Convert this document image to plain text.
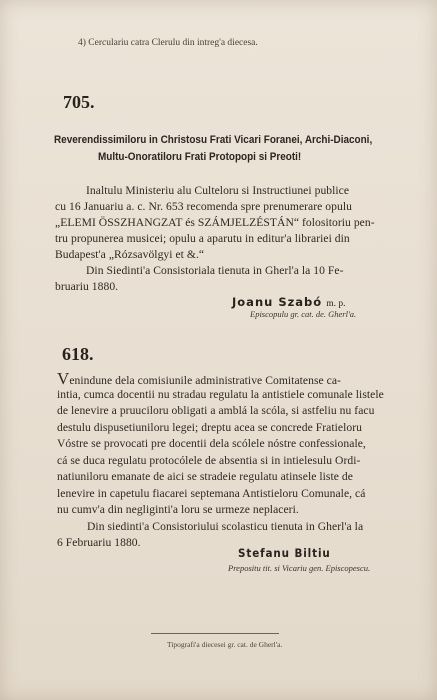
4) Cerculariu catra Clerulu din intreg'a diecesa.
705.
Reverendissimiloru in Christosu Frati Vicari Foranei, Archi-Diaconi,
Multu-Onoratiloru Frati Protopopi si Preoti!
Inaltulu Ministeriu alu Culteloru si Instructiunei publice
cu 16 Januariu a. c. Nr. 653 recomenda spre prenumerare opulu
„ELEMI ÖSSZHANGZAT és SZÁMJELZÉSTÁN“ folositoriu pen-
tru propunerea musicei; opulu a aparutu in editur'a librariei din
Budapest'a „Rózsavölgyi et &.“
Din Siedinti'a Consistoriala tienuta in Gherl'a la 10 Fe-
bruariu 1880.
Joanu Szabó m. p.
Episcopulu gr. cat. de. Gherl'a.
618.
Venindune dela comisiunile administrative Comitatense ca-
intia, cumca docentii nu stradau regulatu la antistiele comunale listele
de lenevire a pruuciloru obligati a amblá la scóla, si astfeliu nu facu
destulu dispusetiuniloru legei; dreptu acea se concrede Fratieloru
Vóstre se provocati pre docentii dela scólele nóstre confessionale,
cá se duca regulatu protocólele de absentia si in intielesulu Ordi-
natiuniloru emanate de aici se stradeie regulatu atinsele liste de
lenevire in capetulu fiacarei septemana Antistieloru Comunale, cá
nu cumv'a din negliginti'a loru se urmeze neplaceri.
Din siedinti'a Consistoriului scolasticu tienuta in Gherl'a la
6 Februariu 1880.
Stefanu Biltiu
Prepositu tit. si Vicariu gen. Episcopescu.
Tipografi'a diecesei gr. cat. de Gherl'a.
